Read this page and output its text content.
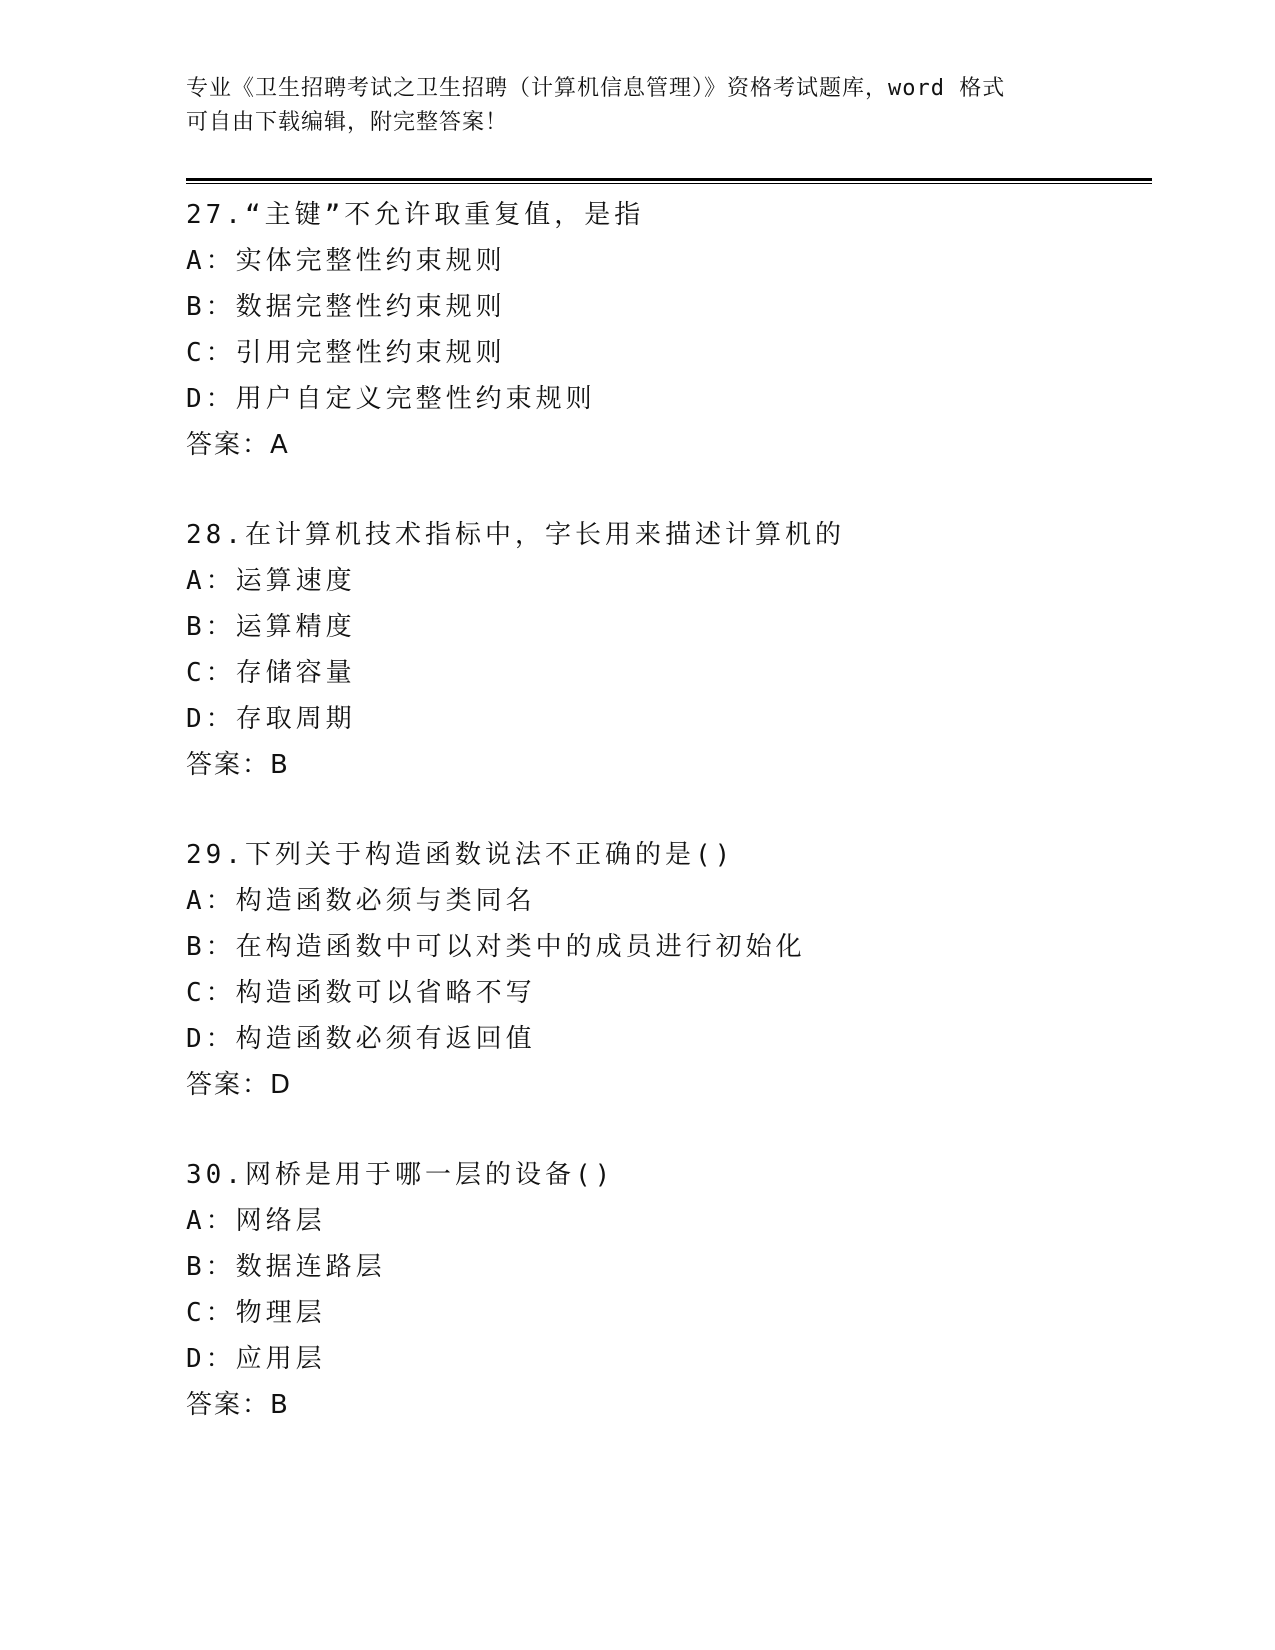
专业《卫生招聘考试之卫生招聘（计算机信息管理）》资格考试题库，word 格式
可自由下载编辑，附完整答案！
27.“主键”不允许取重复值，是指
A：实体完整性约束规则
B：数据完整性约束规则
C：引用完整性约束规则
D：用户自定义完整性约束规则
答案：A
28.在计算机技术指标中，字长用来描述计算机的
A：运算速度
B：运算精度
C：存储容量
D：存取周期
答案：B
29.下列关于构造函数说法不正确的是()
A：构造函数必须与类同名
B：在构造函数中可以对类中的成员进行初始化
C：构造函数可以省略不写
D：构造函数必须有返回值
答案：D
30.网桥是用于哪一层的设备()
A：网络层
B：数据连路层
C：物理层
D：应用层
答案：B
